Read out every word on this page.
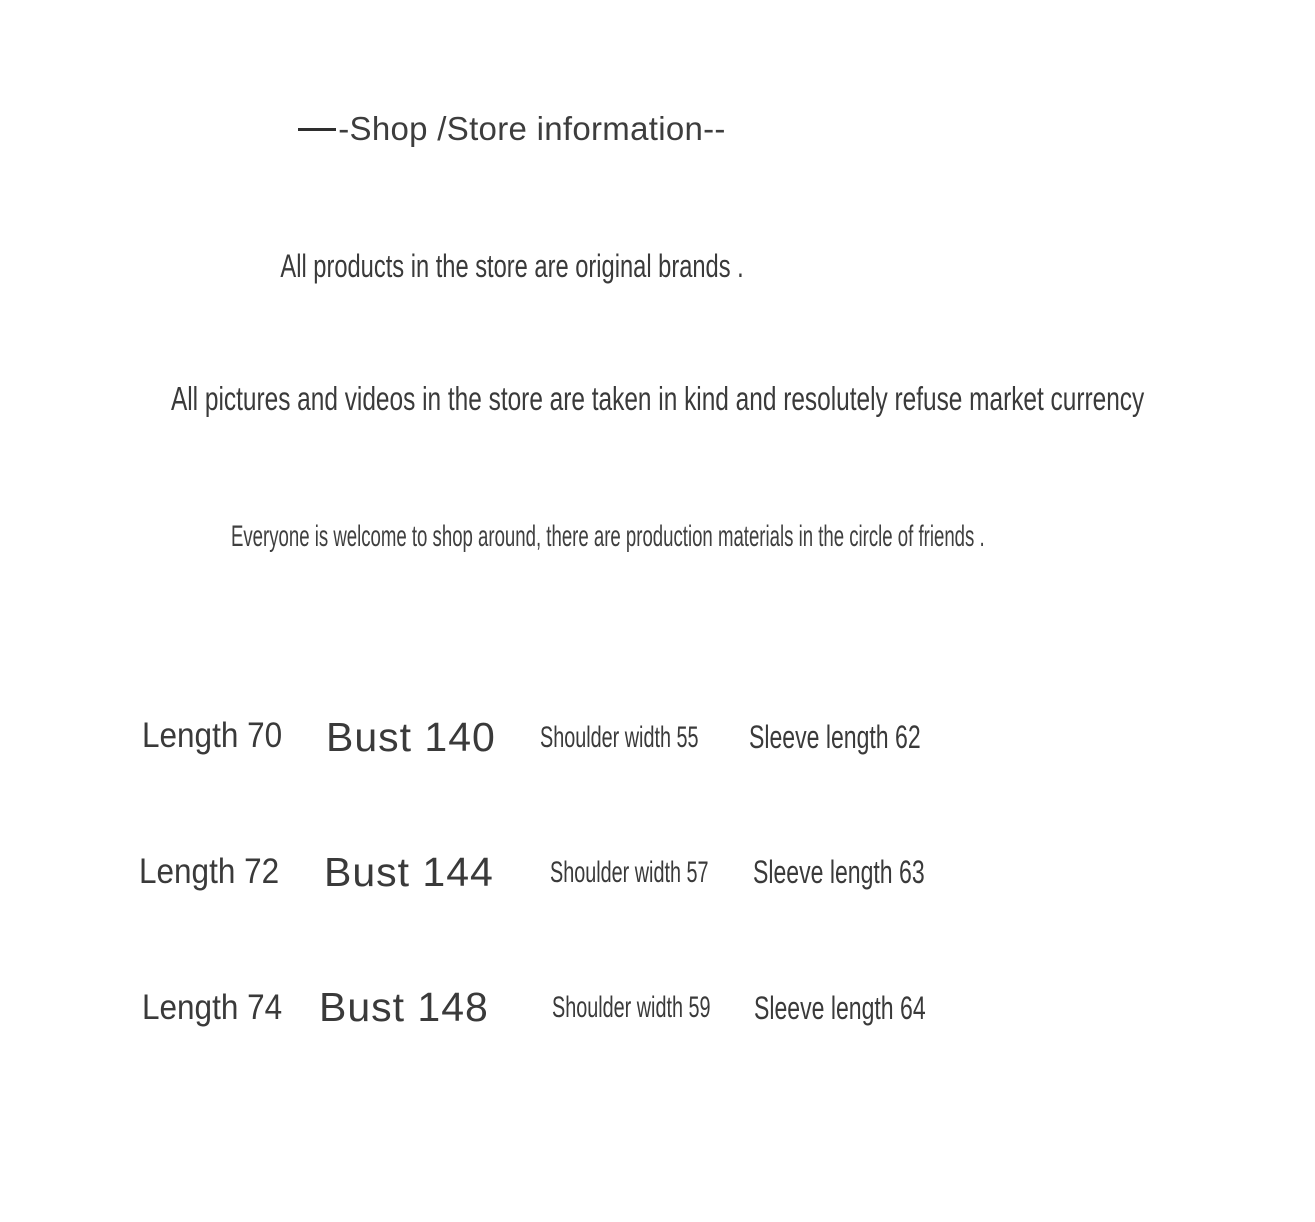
-Shop /Store information--
All products in the store are original brands .
All pictures and videos in the store are taken in kind and resolutely refuse market currency
Everyone is welcome to shop around, there are production materials in the circle of friends .
Length 70 Bust 140 Shoulder width 55 Sleeve length 62
Length 72 Bust 144 Shoulder width 57 Sleeve length 63
Length 74 Bust 148 Shoulder width 59 Sleeve length 64
